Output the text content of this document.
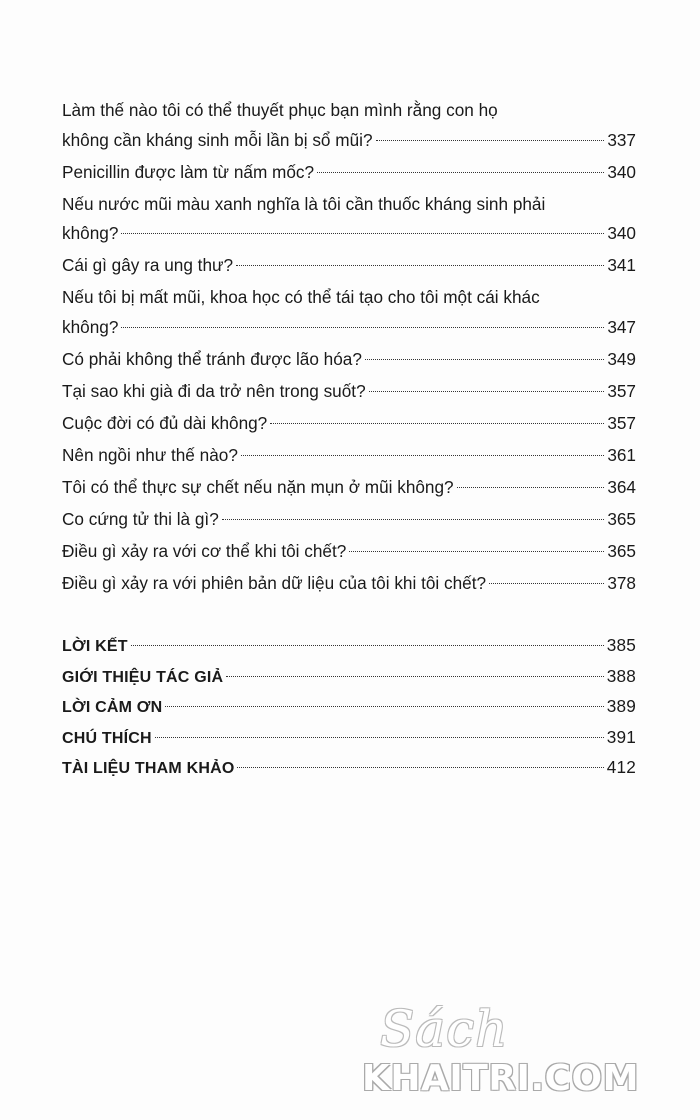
Làm thế nào tôi có thể thuyết phục bạn mình rằng con họ
không cần kháng sinh mỗi lần bị sổ mũi?	337
Penicillin được làm từ nấm mốc?	340
Nếu nước mũi màu xanh nghĩa là tôi cần thuốc kháng sinh phải
không?	340
Cái gì gây ra ung thư?	341
Nếu tôi bị mất mũi, khoa học có thể tái tạo cho tôi một cái khác
không?	347
Có phải không thể tránh được lão hóa?	349
Tại sao khi già đi da trở nên trong suốt?	357
Cuộc đời có đủ dài không?	357
Nên ngồi như thế nào?	361
Tôi có thể thực sự chết nếu nặn mụn ở mũi không?	364
Co cứng tử thi là gì?	365
Điều gì xảy ra với cơ thể khi tôi chết?	365
Điều gì xảy ra với phiên bản dữ liệu của tôi khi tôi chết?	378
LỜI KẾT	385
GIỚI THIỆU TÁC GIẢ	388
LỜI CẢM ƠN	389
CHÚ THÍCH	391
TÀI LIỆU THAM KHẢO	412
Sách
KHAITRI.COM
